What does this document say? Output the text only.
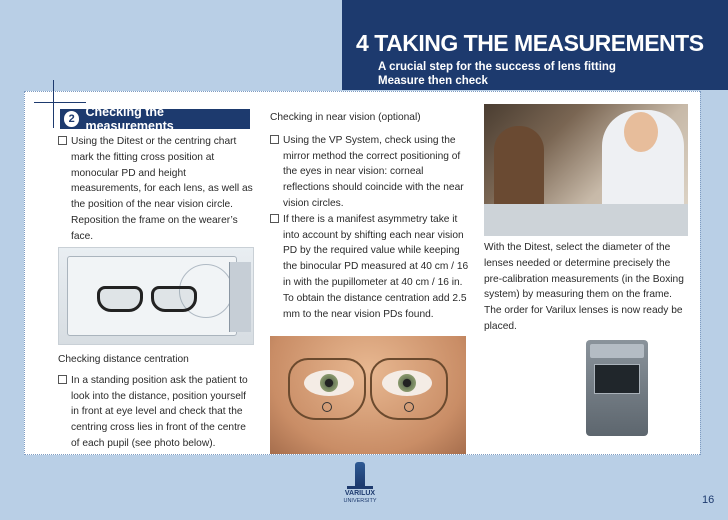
4 TAKING THE MEASUREMENTS
A crucial step for the success of lens fitting
Measure then check
2 Checking the measurements
Using the Ditest or the centring chart mark the fitting cross position at monocular PD and height measurements, for each lens, as well as the position of the near vision circle. Reposition the frame on the wearer’s face.
Checking distance centration
In a standing position ask the patient to look into the distance, position yourself in front at eye level and check that the centring cross lies in front of the centre of each pupil (see photo below).
Checking in near vision (optional)
Using the VP System, check using the mirror method the correct positioning of the eyes in near vision: corneal reflections should coincide with the near vision circles.
If there is a manifest asymmetry take it into account by shifting each near vision PD by the required value while keeping the binocular PD measured at 40 cm / 16 in with the pupillometer at 40 cm / 16 in. To obtain the distance centration add 2.5 mm to the near vision PDs found.
With the Ditest, select the diameter of the lenses needed or determine precisely the pre-calibration measurements (in the Boxing system) by measuring them on the frame. The order for Varilux lenses is now ready be placed.
VARILUX
UNIVERSITY	16
